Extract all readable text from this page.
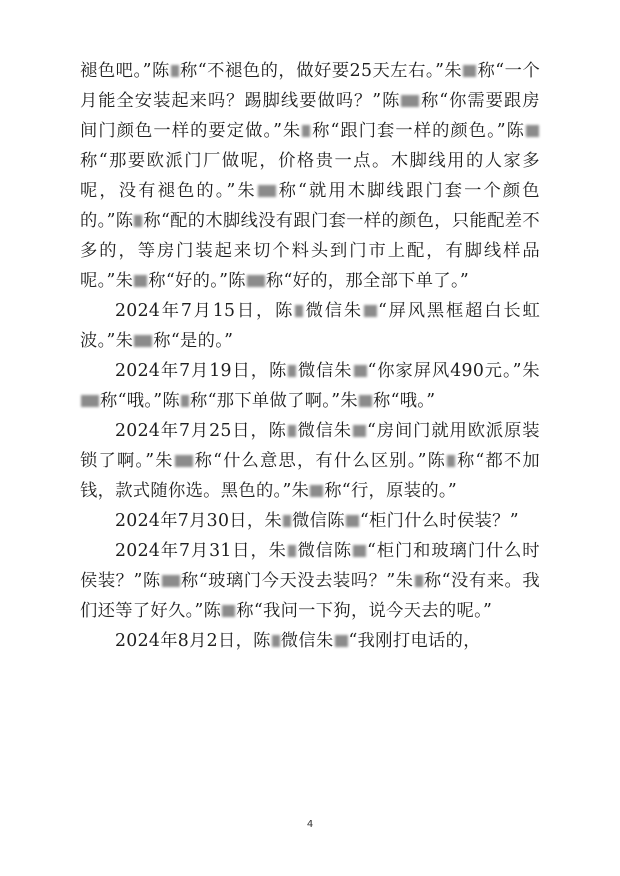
褪色吧。”陈 称“不褪色的，做好要25天左右。”朱 称“一个月能全安装起来吗？踢脚线要做吗？”陈 称“你需要跟房间门颜色一样的要定做。”朱 称“跟门套一样的颜色。”陈称“那要欧派门厂做呢，价格贵一点。木脚线用的人家多呢，没有褪色的。”朱 称“就用木脚线跟门套一个颜色的。”陈 称“配的木脚线没有跟门套一样的颜色，只能配差不多的，等房门装起来切个料头到门市上配，有脚线样品呢。”朱 称“好的。”陈 称“好的，那全部下单了。”

2024年7月15日，陈 微信朱 “屏风黑框超白长虹波。”朱 称“是的。”

2024年7月19日，陈 微信朱 “你家屏风490元。”朱称“哦。”陈 称“那下单做了啊。”朱 称“哦。”

2024年7月25日，陈 微信朱 “房间门就用欧派原装锁了啊。”朱 称“什么意思，有什么区别。”陈 称“都不加钱，款式随你选。黑色的。”朱 称“行，原装的。”

2024年7月30日，朱 微信陈 “柜门什么时侯装？”

2024年7月31日，朱 微信陈 “柜门和玻璃门什么时侯装？”陈 称“玻璃门今天没去装吗？”朱 称“没有来。我们还等了好久。”陈 称“我问一下狗，说今天去的呢。”

2024年8月2日，陈 微信朱 “我刚打电话的，

4
